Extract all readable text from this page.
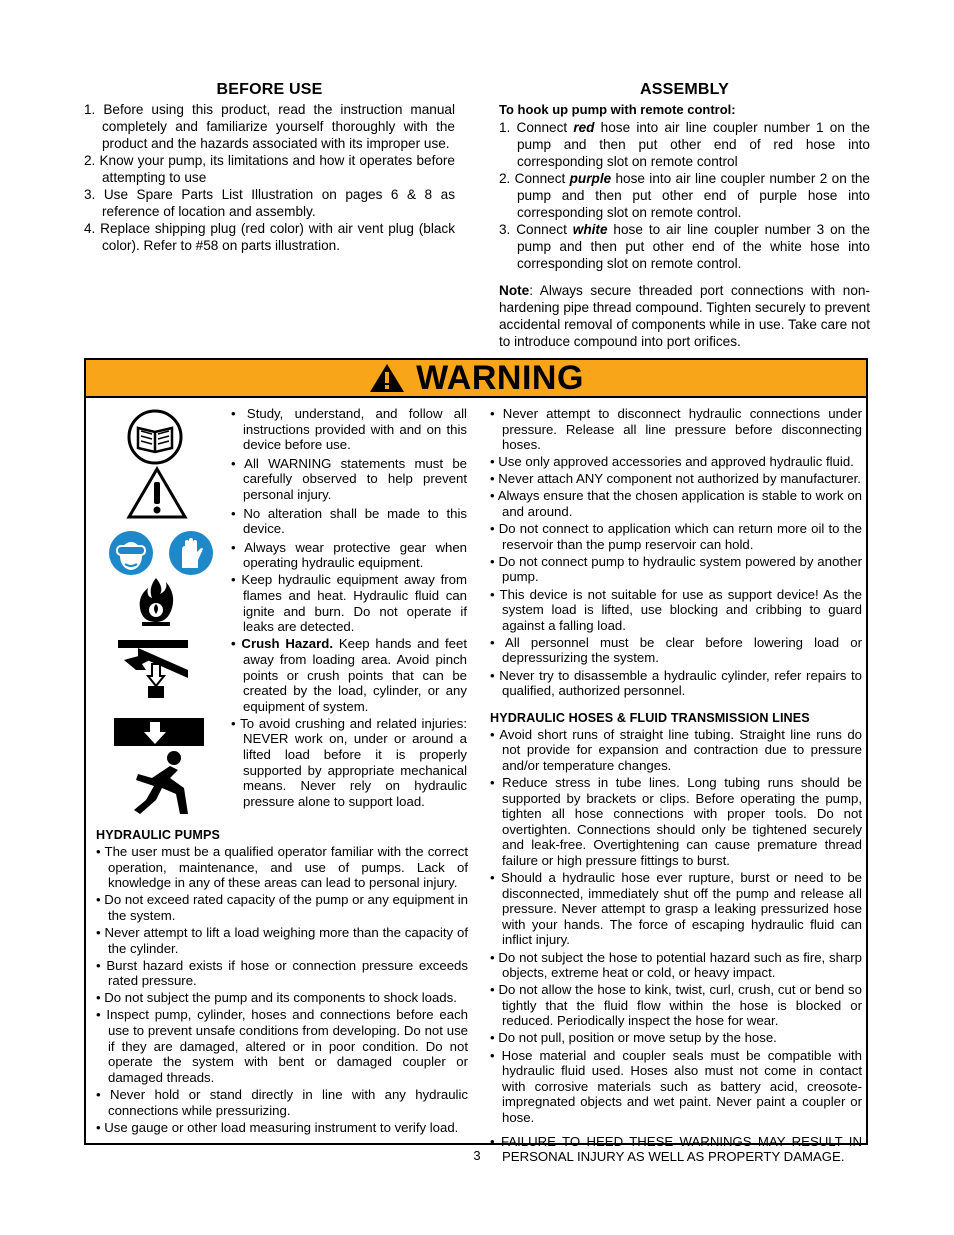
BEFORE USE
1. Before using this product, read the instruction manual completely and familiarize yourself thoroughly with the product and the hazards associated with its improper use.
2. Know your pump, its limitations and how it operates before attempting to use
3. Use Spare Parts List Illustration on pages 6 & 8 as reference of location and assembly.
4. Replace shipping plug (red color) with air vent plug (black color). Refer to #58 on parts illustration.
ASSEMBLY
To hook up pump with remote control:
1. Connect red hose into air line coupler number 1 on the pump and then put other end of red hose into corresponding slot on remote control
2. Connect purple hose into air line coupler number 2 on the pump and then put other end of purple hose into corresponding slot on remote control.
3. Connect white hose to air line coupler number 3 on the pump and then put other end of the white hose into corresponding slot on remote control.
Note: Always secure threaded port connections with non-hardening pipe thread compound. Tighten securely to prevent accidental removal of components while in use. Take care not to introduce compound into port orifices.
WARNING
• Study, understand, and follow all instructions provided with and on this device before use.
• All WARNING statements must be carefully observed to help prevent personal injury.
• No alteration shall be made to this device.
• Always wear protective gear when operating hydraulic equipment.
• Keep hydraulic equipment away from flames and heat. Hydraulic fluid can ignite and burn. Do not operate if leaks are detected.
• Crush Hazard. Keep hands and feet away from loading area. Avoid pinch points or crush points that can be created by the load, cylinder, or any equipment of system.
• To avoid crushing and related injuries: NEVER work on, under or around a lifted load before it is properly supported by appropriate mechanical means. Never rely on hydraulic pressure alone to support load.
HYDRAULIC PUMPS
• The user must be a qualified operator familiar with the correct operation, maintenance, and use of pumps. Lack of knowledge in any of these areas can lead to personal injury.
• Do not exceed rated capacity of the pump or any equipment in the system.
• Never attempt to lift a load weighing more than the capacity of the cylinder.
• Burst hazard exists if hose or connection pressure exceeds rated pressure.
• Do not subject the pump and its components to shock loads.
• Inspect pump, cylinder, hoses and connections before each use to prevent unsafe conditions from developing. Do not use if they are damaged, altered or in poor condition. Do not operate the system with bent or damaged coupler or damaged threads.
• Never hold or stand directly in line with any hydraulic connections while pressurizing.
• Use gauge or other load measuring instrument to verify load.
• Never attempt to disconnect hydraulic connections under pressure. Release all line pressure before disconnecting hoses.
• Use only approved accessories and approved hydraulic fluid.
• Never attach ANY component not authorized by manufacturer.
• Always ensure that the chosen application is stable to work on and around.
• Do not connect to application which can return more oil to the reservoir than the pump reservoir can hold.
• Do not connect pump to hydraulic system powered by another pump.
• This device is not suitable for use as support device! As the system load is lifted, use blocking and cribbing to guard against a falling load.
• All personnel must be clear before lowering load or depressurizing the system.
• Never try to disassemble a hydraulic cylinder, refer repairs to qualified, authorized personnel.
HYDRAULIC HOSES & FLUID TRANSMISSION LINES
• Avoid short runs of straight line tubing. Straight line runs do not provide for expansion and contraction due to pressure and/or temperature changes.
• Reduce stress in tube lines. Long tubing runs should be supported by brackets or clips. Before operating the pump, tighten all hose connections with proper tools. Do not overtighten. Connections should only be tightened securely and leak-free. Overtightening can cause premature thread failure or high pressure fittings to burst.
• Should a hydraulic hose ever rupture, burst or need to be disconnected, immediately shut off the pump and release all pressure. Never attempt to grasp a leaking pressurized hose with your hands. The force of escaping hydraulic fluid can inflict injury.
• Do not subject the hose to potential hazard such as fire, sharp objects, extreme heat or cold, or heavy impact.
• Do not allow the hose to kink, twist, curl, crush, cut or bend so tightly that the fluid flow within the hose is blocked or reduced. Periodically inspect the hose for wear.
• Do not pull, position or move setup by the hose.
• Hose material and coupler seals must be compatible with hydraulic fluid used. Hoses also must not come in contact with corrosive materials such as battery acid, creosote-impregnated objects and wet paint. Never paint a coupler or hose.
• FAILURE TO HEED THESE WARNINGS MAY RESULT IN PERSONAL INJURY AS WELL AS PROPERTY DAMAGE.
3
